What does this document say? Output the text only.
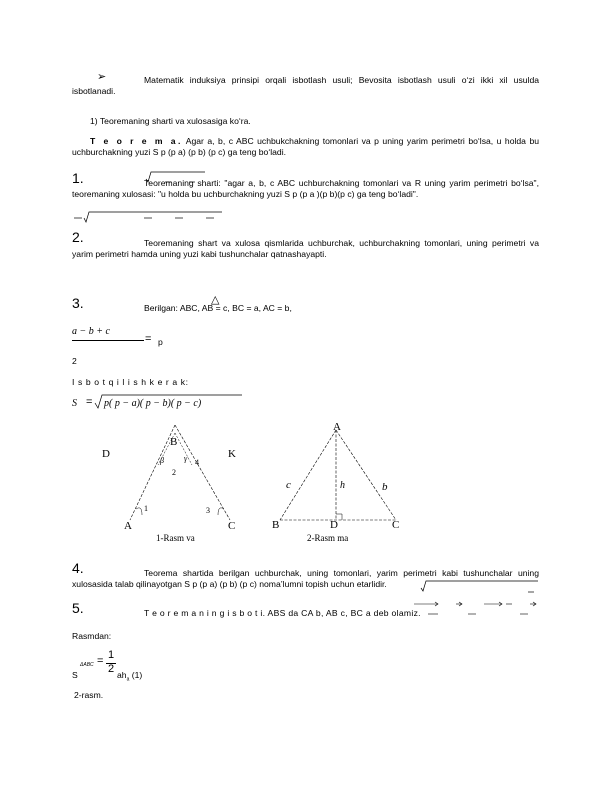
➢	Matematik induksiya prinsipi orqali isbotlash usuli; Bevosita isbotlash usuli o‘zi ikki xil usulda isbotlanadi.
1) Teoremaning sharti va xulosasiga ko‘ra.
T e o r e m a. Agar a, b, c ABC uchbukchakning tomonlari va p uning yarim perimetri bo‘lsa, u holda bu uchburchakning yuzi S p (p a) (p b) (p c) ga teng bo‘ladi.
1.	Teoremaning sharti: "agar a, b, c ABC uchburchakning tomonlari va R uning yarim perimetri bo‘lsa", teoremaning xulosasi: "u holda bu uchburchakning yuzi S p (p a )(p b)(p c) ga teng bo‘ladi".
2.	Teoremaning shart va xulosa qismlarida uchburchak, uchburchakning tomonlari, uning perimetri va yarim perimetri hamda uning yuzi kabi tushunchalar qatnashayapti.
3.	Berilgan: ABC, AB = c, BC = a, AC = b,
△
a − b + c
= p
2
I s b o t q i l i s h k e r a k:
S = p( p − a)( p − b)( p − c)
D	K
B
A	C
1
2
3
4
β	γ
1-Rasm va
A
B	D	C
c	b
h
2-Rasm ma
4.	Teorema shartida berilgan uchburchak, uning tomonlari, yarim perimetri kabi tushunchalar uning xulosasida talab qilinayotgan S p (p a) (p b) (p c) noma’lumni topish uchun etarlidir.
5.	T e o r e m a n i n g i s b o t i. ABS da CA b, AB c, BC a deb olamiz.
Rasmdan:
ΔABC = 1
2
S	$ah_a$ (1)
2-rasm.
